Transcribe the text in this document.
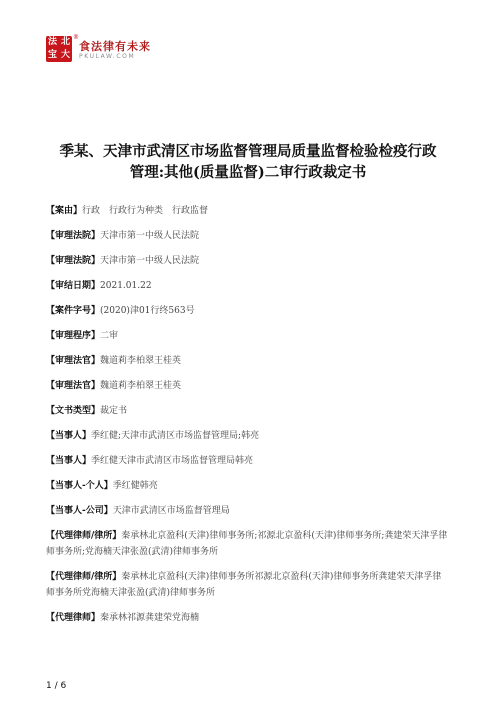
法 北
宝 大
®
食法律有未来
PKULAW.COM
季某、天津市武清区市场监督管理局质量监督检验检疫行政
管理:其他(质量监督)二审行政裁定书
【案由】行政　行政行为种类　行政监督
【审理法院】天津市第一中级人民法院
【审理法院】天津市第一中级人民法院
【审结日期】2021.01.22
【案件字号】(2020)津01行终563号
【审理程序】二审
【审理法官】魏道莉李柏翠王桂英
【审理法官】魏道莉李柏翠王桂英
【文书类型】裁定书
【当事人】季红健;天津市武清区市场监督管理局;韩亮
【当事人】季红健天津市武清区市场监督管理局韩亮
【当事人-个人】季红健韩亮
【当事人-公司】天津市武清区市场监督管理局
【代理律师/律所】秦承林北京盈科(天津)律师事务所;祁源北京盈科(天津)律师事务所;龚建荣天津孚律师事务所;党海楠天津张盈(武清)律师事务所
【代理律师/律所】秦承林北京盈科(天津)律师事务所祁源北京盈科(天津)律师事务所龚建荣天津孚律师事务所党海楠天津张盈(武清)律师事务所
【代理律师】秦承林祁源龚建荣党海楠
1 / 6
